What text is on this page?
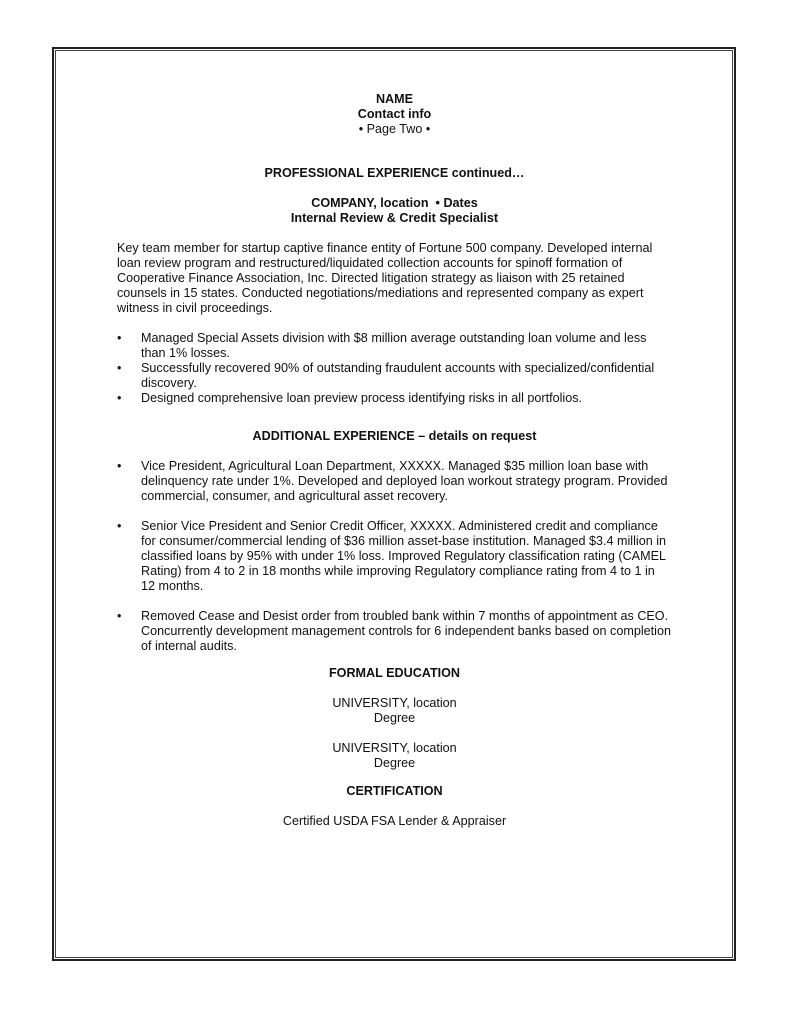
NAME
Contact info
• Page Two •
PROFESSIONAL EXPERIENCE continued…
COMPANY, location  • Dates
Internal Review & Credit Specialist
Key team member for startup captive finance entity of Fortune 500 company. Developed internal loan review program and restructured/liquidated collection accounts for spinoff formation of Cooperative Finance Association, Inc. Directed litigation strategy as liaison with 25 retained counsels in 15 states. Conducted negotiations/mediations and represented company as expert witness in civil proceedings.
• Managed Special Assets division with $8 million average outstanding loan volume and less than 1% losses.
• Successfully recovered 90% of outstanding fraudulent accounts with specialized/confidential discovery.
• Designed comprehensive loan preview process identifying risks in all portfolios.
ADDITIONAL EXPERIENCE – details on request
• Vice President, Agricultural Loan Department, XXXXX. Managed $35 million loan base with delinquency rate under 1%. Developed and deployed loan workout strategy program. Provided commercial, consumer, and agricultural asset recovery.
• Senior Vice President and Senior Credit Officer, XXXXX. Administered credit and compliance for consumer/commercial lending of $36 million asset-base institution. Managed $3.4 million in classified loans by 95% with under 1% loss. Improved Regulatory classification rating (CAMEL Rating) from 4 to 2 in 18 months while improving Regulatory compliance rating from 4 to 1 in 12 months.
• Removed Cease and Desist order from troubled bank within 7 months of appointment as CEO. Concurrently development management controls for 6 independent banks based on completion of internal audits.
FORMAL EDUCATION
UNIVERSITY, location
Degree
UNIVERSITY, location
Degree
CERTIFICATION
Certified USDA FSA Lender & Appraiser
